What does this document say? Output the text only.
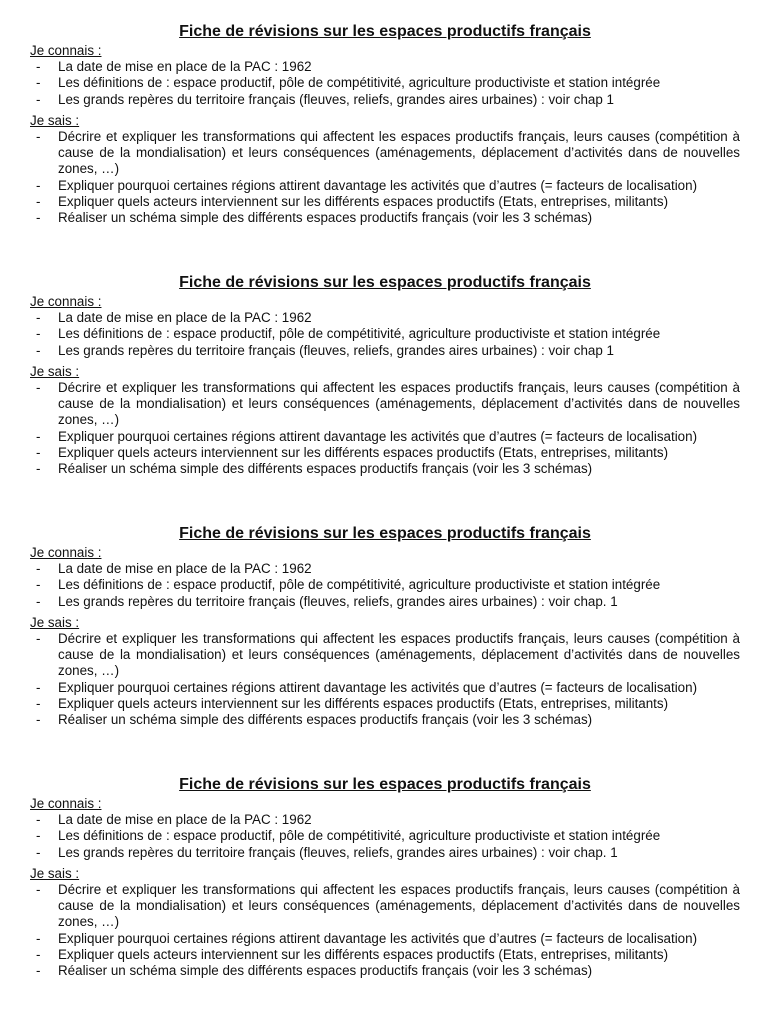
Fiche de révisions sur les espaces productifs français
Je connais :
- La date de mise en place de la PAC : 1962
- Les définitions de : espace productif, pôle de compétitivité, agriculture productiviste et station intégrée
- Les grands repères du territoire français (fleuves, reliefs, grandes aires urbaines) : voir chap 1
Je sais :
- Décrire et expliquer les transformations qui affectent les espaces productifs français, leurs causes (compétition à cause de la mondialisation) et leurs conséquences (aménagements, déplacement d’activités dans de nouvelles zones, …)
- Expliquer pourquoi certaines régions attirent davantage les activités que d’autres (= facteurs de localisation)
- Expliquer quels acteurs interviennent sur les différents espaces productifs (Etats, entreprises, militants)
- Réaliser un schéma simple des différents espaces productifs français (voir les 3 schémas)
Fiche de révisions sur les espaces productifs français
Je connais :
- La date de mise en place de la PAC : 1962
- Les définitions de : espace productif, pôle de compétitivité, agriculture productiviste et station intégrée
- Les grands repères du territoire français (fleuves, reliefs, grandes aires urbaines) : voir chap 1
Je sais :
- Décrire et expliquer les transformations qui affectent les espaces productifs français, leurs causes (compétition à cause de la mondialisation) et leurs conséquences (aménagements, déplacement d’activités dans de nouvelles zones, …)
- Expliquer pourquoi certaines régions attirent davantage les activités que d’autres (= facteurs de localisation)
- Expliquer quels acteurs interviennent sur les différents espaces productifs (Etats, entreprises, militants)
- Réaliser un schéma simple des différents espaces productifs français (voir les 3 schémas)
Fiche de révisions sur les espaces productifs français
Je connais :
- La date de mise en place de la PAC : 1962
- Les définitions de : espace productif, pôle de compétitivité, agriculture productiviste et station intégrée
- Les grands repères du territoire français (fleuves, reliefs, grandes aires urbaines) : voir chap. 1
Je sais :
- Décrire et expliquer les transformations qui affectent les espaces productifs français, leurs causes (compétition à cause de la mondialisation) et leurs conséquences (aménagements, déplacement d’activités dans de nouvelles zones, …)
- Expliquer pourquoi certaines régions attirent davantage les activités que d’autres (= facteurs de localisation)
- Expliquer quels acteurs interviennent sur les différents espaces productifs (Etats, entreprises, militants)
- Réaliser un schéma simple des différents espaces productifs français (voir les 3 schémas)
Fiche de révisions sur les espaces productifs français
Je connais :
- La date de mise en place de la PAC : 1962
- Les définitions de : espace productif, pôle de compétitivité, agriculture productiviste et station intégrée
- Les grands repères du territoire français (fleuves, reliefs, grandes aires urbaines) : voir chap. 1
Je sais :
- Décrire et expliquer les transformations qui affectent les espaces productifs français, leurs causes (compétition à cause de la mondialisation) et leurs conséquences (aménagements, déplacement d’activités dans de nouvelles zones, …)
- Expliquer pourquoi certaines régions attirent davantage les activités que d’autres (= facteurs de localisation)
- Expliquer quels acteurs interviennent sur les différents espaces productifs (Etats, entreprises, militants)
- Réaliser un schéma simple des différents espaces productifs français (voir les 3 schémas)
